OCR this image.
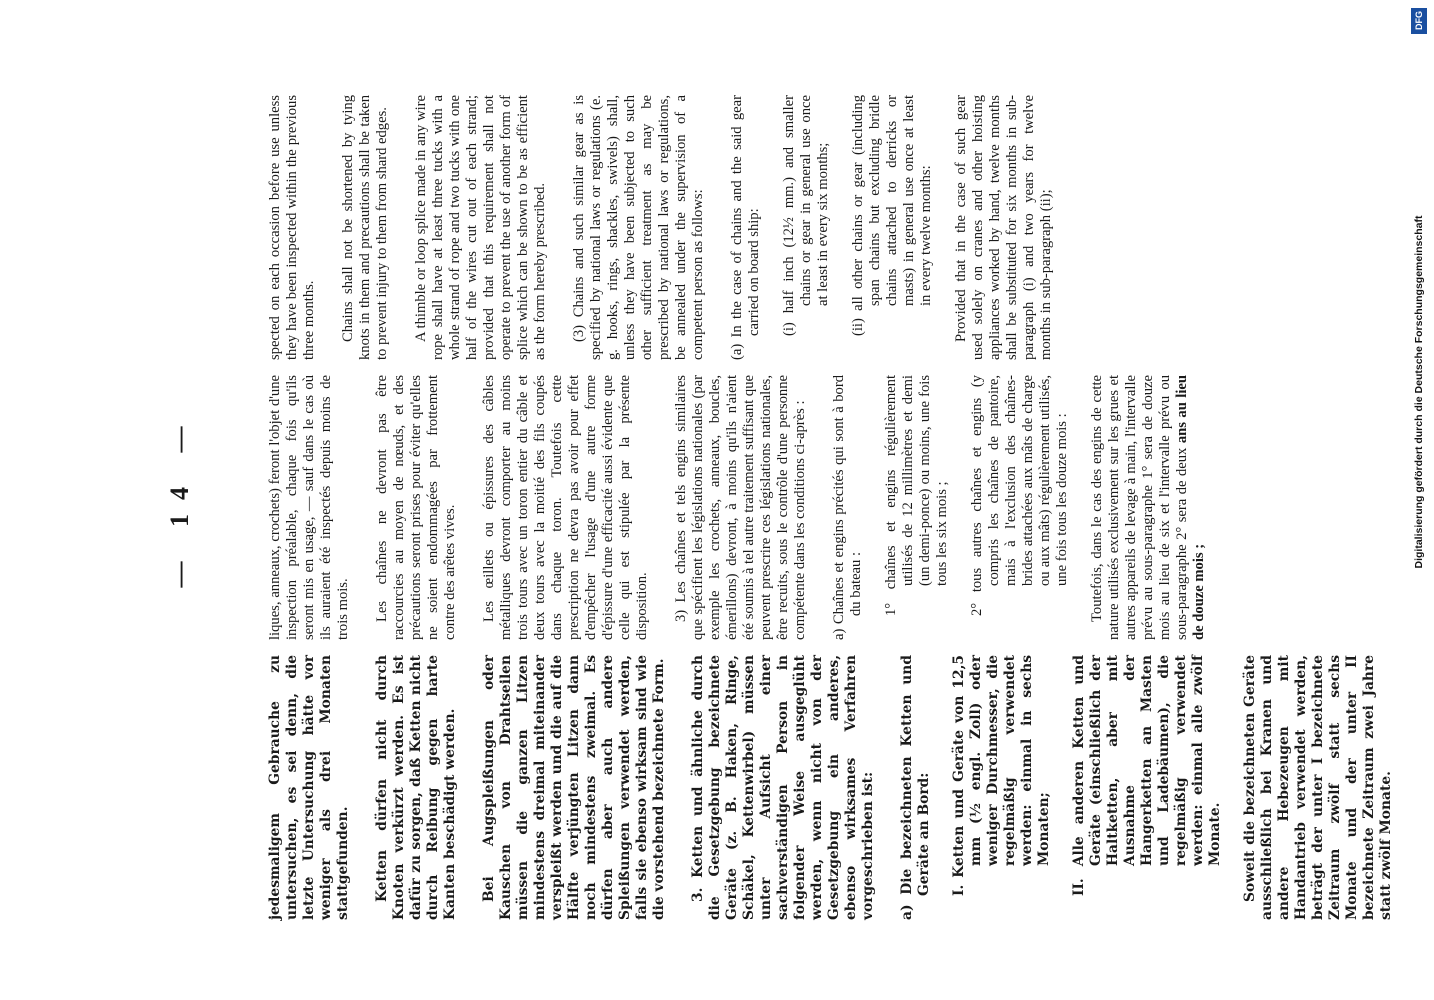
— 14 —

jedesmaligem Gebrauche zu untersuchen, es sei denn, die letzte Untersuchung hätte vor weniger als drei Monaten stattgefunden. Ketten dürfen nicht durch Knoten verkürzt werden. Es ist dafür zu sorgen, daß Ketten nicht durch Reibung gegen harte Kanten beschädigt werden. Bei Augspleißungen oder Kauschen von Drahtseilen müssen die ganzen Litzen mindestens dreimal miteinander verspleißt werden und die auf die Hälfte verjüngten Litzen dann noch mindestens zweimal. Es dürfen aber auch andere Spleißungen verwendet werden, falls sie ebenso wirksam sind wie die vorstehend bezeichnete Form. 3. Ketten und ähnliche durch die Gesetzgebung bezeichnete Geräte (z. B. Haken, Ringe, Schäkel, Kettenwirbel) müssen unter Aufsicht einer sachverständigen Person in folgender Weise ausgeglüht werden, wenn nicht von der Gesetzgebung ein anderes, ebenso wirksames Verfahren vorgeschrieben ist: a) Die bezeichneten Ketten und Geräte an Bord: I. Ketten und Geräte von 12,5 mm (½ engl. Zoll) oder weniger Durchmesser, die regelmäßig verwendet werden: einmal in sechs Monaten; II. Alle anderen Ketten und Geräte (einschließlich der Haltketten, aber mit Ausnahme der Hangerketten an Masten und Ladebäumen), die regelmäßig verwendet werden: einmal alle zwölf Monate. Soweit die bezeichneten Geräte ausschließlich bei Kranen und andere Hebezeugen mit Handantrieb verwendet werden, beträgt der unter I bezeichnete Zeitraum zwölf statt sechs Monate und der unter II bezeichnete Zeitraum zwei Jahre statt zwölf Monate.

liques, anneaux, crochets) feront l'objet d'une inspection préalable, chaque fois qu'ils seront mis en usage, — sauf dans le cas où ils auraient été inspectés depuis moins de trois mois. Les chaînes ne devront pas être raccourcies au moyen de nœuds, et des précautions seront prises pour éviter qu'elles ne soient endommagées par frottement contre des arêtes vives. Les œillets ou épissures des câbles métalliques devront comporter au moins trois tours avec un toron entier du câble et deux tours avec la moitié des fils coupés dans chaque toron. Toutefois cette prescription ne devra pas avoir pour effet d'empêcher l'usage d'une autre forme d'épissure d'une efficacité aussi évidente que celle qui est stipulée par la présente disposition. 3) Les chaînes et tels engins similaires que spécifient les législations nationales (par exemple les crochets, anneaux, boucles, émerillons) devront, à moins qu'ils n'aient été soumis à tel autre traitement suffisant que peuvent prescrire ces législations nationales, être recuits, sous le contrôle d'une personne compétente dans les conditions ci-après : a) Chaînes et engins précités qui sont à bord du bateau : 1° chaînes et engins régulièrement utilisés de 12 millimètres et demi (un demi-ponce) ou moins, une fois tous les six mois ; 2° tous autres chaînes et engins (y compris les chaînes de pantoire, mais à l'exclusion des chaînes-brides attachées aux mâts de charge ou aux mâts) régulièrement utilisés, une fois tous les douze mois : Toutefois, dans le cas des engins de cette nature utilisés exclusivement sur les grues et autres appareils de levage à main, l'intervalle prévu au sous-paragraphe 1° sera de douze mois au lieu de six et l'intervalle prévu ou sous-paragraphe 2° sera de deux ans au lieu de douze mois ;

spected on each occasion before use unless they have been inspected within the previous three months. Chains shall not be shortened by tying knots in them and precautions shall be taken to prevent injury to them from shard edges. A thimble or loop splice made in any wire rope shall have at least three tucks with a whole strand of rope and two tucks with one half of the wires cut out of each strand; provided that this requirement shall not operate to prevent the use of another form of splice which can be shown to be as efficient as the form hereby prescribed. (3) Chains and such similar gear as is specified by national laws or regulations (e. g. hooks, rings, shackles, swivels) shall, unless they have been subjected to such other sufficient treatment as may be prescribed by national laws or regulations, be annealed under the supervision of a competent person as follows: (a) In the case of chains and the said gear carried on board ship: (i) half inch (12½ mm.) and smaller chains or gear in general use once at least in every six months; (ii) all other chains or gear (including span chains but excluding bridle chains attached to derricks or masts) in general use once at least in every twelve months: Provided that in the case of such gear used solely on cranes and other hoisting appliances worked by hand, twelve months shall be substituted for six months in sub-paragraph (i) and two years for twelve months in sub-paragraph (ii);

DFG
Digitalisierung gefördert durch die Deutsche Forschungsgemeinschaft
